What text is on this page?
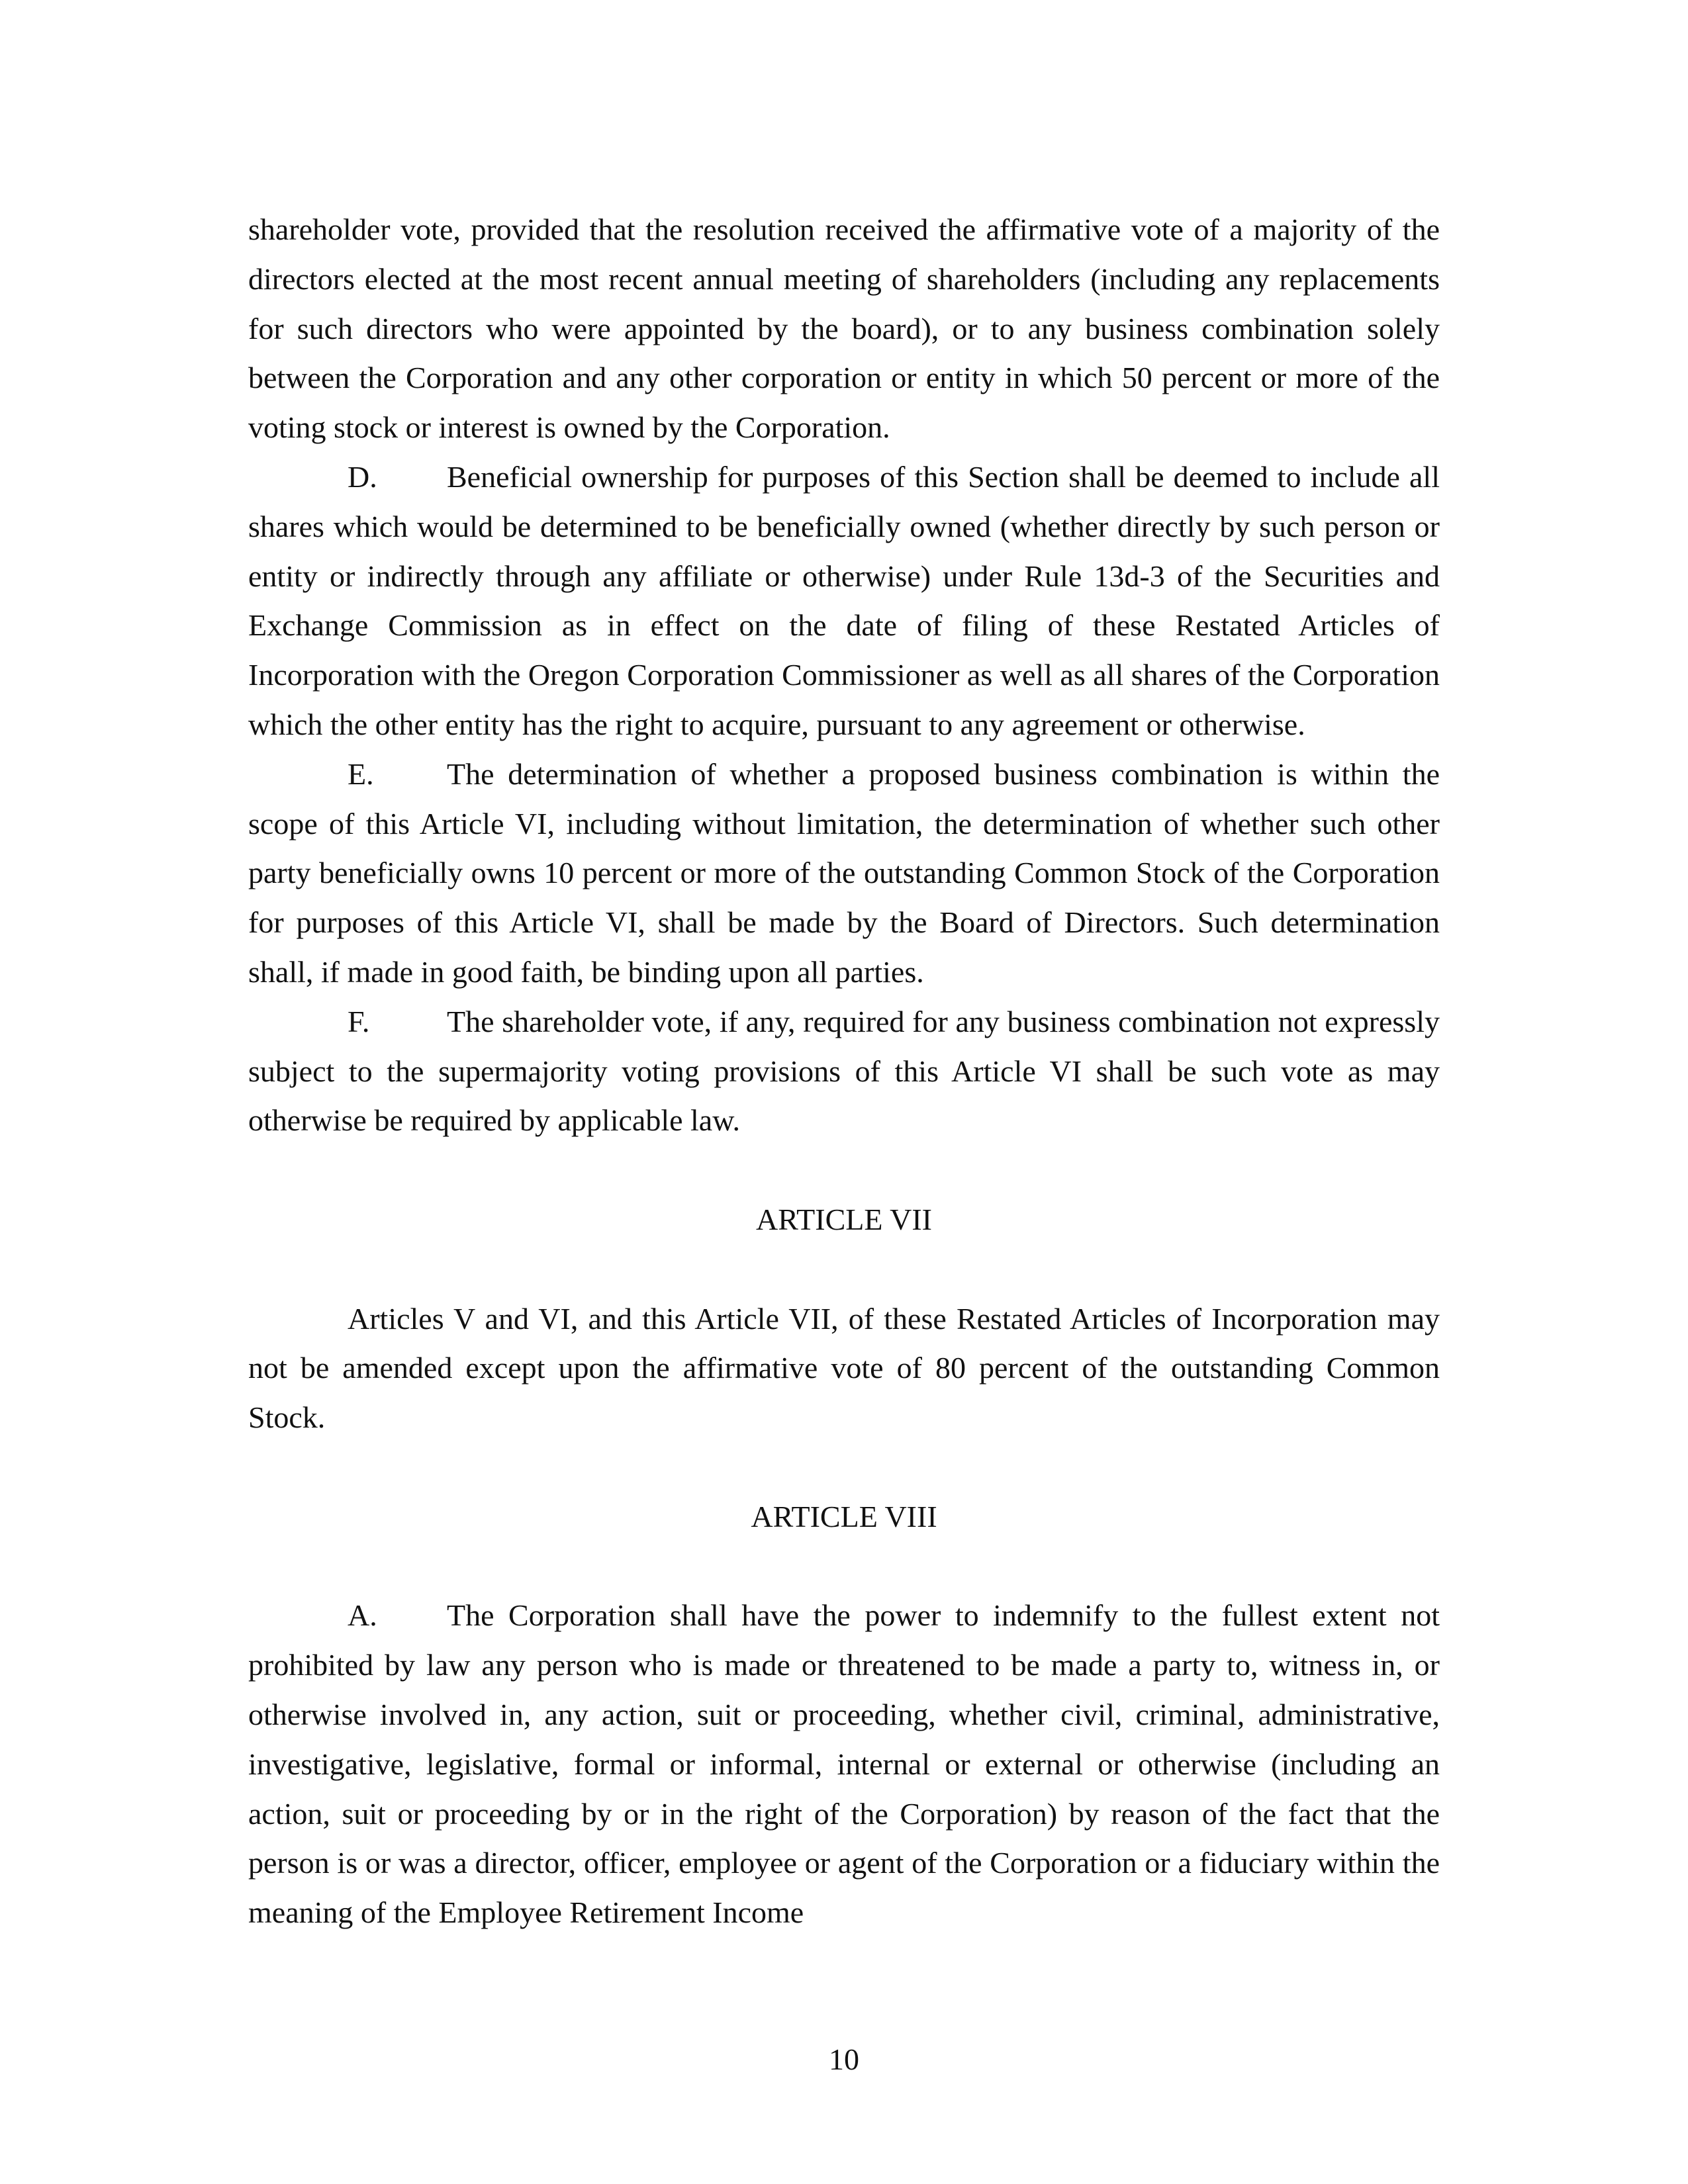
shareholder vote, provided that the resolution received the affirmative vote of a majority of the directors elected at the most recent annual meeting of shareholders (including any replacements for such directors who were appointed by the board), or to any business combination solely between the Corporation and any other corporation or entity in which 50 percent or more of the voting stock or interest is owned by the Corporation.

D. Beneficial ownership for purposes of this Section shall be deemed to include all shares which would be determined to be beneficially owned (whether directly by such person or entity or indirectly through any affiliate or otherwise) under Rule 13d-3 of the Securities and Exchange Commission as in effect on the date of filing of these Restated Articles of Incorporation with the Oregon Corporation Commissioner as well as all shares of the Corporation which the other entity has the right to acquire, pursuant to any agreement or otherwise.

E. The determination of whether a proposed business combination is within the scope of this Article VI, including without limitation, the determination of whether such other party beneficially owns 10 percent or more of the outstanding Common Stock of the Corporation for purposes of this Article VI, shall be made by the Board of Directors. Such determination shall, if made in good faith, be binding upon all parties.

F.	The shareholder vote, if any, required for any business combination not expressly subject to the supermajority voting provisions of this Article VI shall be such vote as may otherwise be required by applicable law.

ARTICLE VII

Articles V and VI, and this Article VII, of these Restated Articles of Incorporation may not be amended except upon the affirmative vote of 80 percent of the outstanding Common Stock.

ARTICLE VIII

A. The Corporation shall have the power to indemnify to the fullest extent not prohibited by law any person who is made or threatened to be made a party to, witness in, or otherwise involved in, any action, suit or proceeding, whether civil, criminal, administrative, investigative, legislative, formal or informal, internal or external or otherwise (including an action, suit or proceeding by or in the right of the Corporation) by reason of the fact that the person is or was a director, officer, employee or agent of the Corporation or a fiduciary within the meaning of the Employee Retirement Income

10
